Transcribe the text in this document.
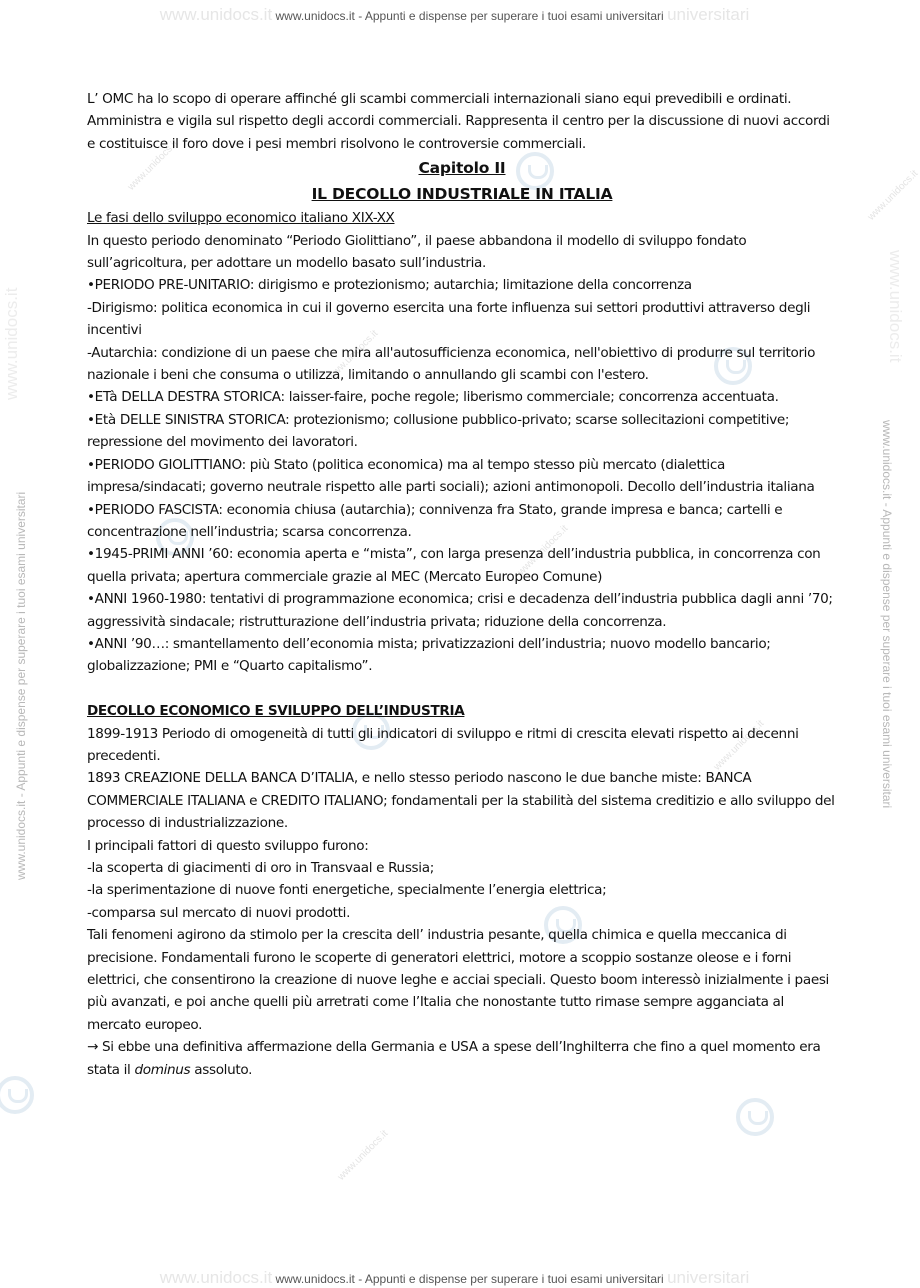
www.unidocs.it www.unidocs.it - Appunti e dispense per superare i tuoi esami universitari universitari
www.unidocs.it - Appunti e dispense per superare i tuoi esami universitari	www.unidocs.it - Appunti e dispense per superare i tuoi esami universitari
www.unidocs.it	www.unidocs.it
www.unidocs.it
www.unidocs.it
www.unidocs.it
www.unidocs.it
www.unidocs.it
www.unidocs.it

L’ OMC ha lo scopo di operare affinché gli scambi commerciali internazionali siano equi prevedibili e ordinati. Amministra e vigila sul rispetto degli accordi commerciali. Rappresenta il centro per la discussione di nuovi accordi e costituisce il foro dove i pesi membri risolvono le controversie commerciali.

Capitolo II
IL DECOLLO INDUSTRIALE IN ITALIA

Le fasi dello sviluppo economico italiano XIX-XX

In questo periodo denominato “Periodo Giolittiano”, il paese abbandona il modello di sviluppo fondato sull’agricoltura, per adottare un modello basato sull’industria.

•PERIODO PRE-UNITARIO: dirigismo e protezionismo; autarchia; limitazione della concorrenza

-Dirigismo: politica economica in cui il governo esercita una forte influenza sui settori produttivi attraverso degli incentivi

-Autarchia: condizione di un paese che mira all'autosufficienza economica, nell'obiettivo di produrre sul territorio nazionale i beni che consuma o utilizza, limitando o annullando gli scambi con l'estero.

•ETà DELLA DESTRA STORICA: laisser-faire, poche regole; liberismo commerciale; concorrenza accentuata.

•Età DELLE SINISTRA STORICA: protezionismo; collusione pubblico-privato; scarse sollecitazioni competitive; repressione del movimento dei lavoratori.

•PERIODO GIOLITTIANO: più Stato (politica economica) ma al tempo stesso più mercato (dialettica impresa/sindacati; governo neutrale rispetto alle parti sociali); azioni antimonopoli. Decollo dell’industria italiana

•PERIODO FASCISTA: economia chiusa (autarchia); connivenza fra Stato, grande impresa e banca; cartelli e concentrazione nell’industria; scarsa concorrenza.

•1945-PRIMI ANNI ’60: economia aperta e “mista”, con larga presenza dell’industria pubblica, in concorrenza con quella privata; apertura commerciale grazie al MEC (Mercato Europeo Comune)

•ANNI 1960-1980: tentativi di programmazione economica; crisi e decadenza dell’industria pubblica dagli anni ’70; aggressività sindacale; ristrutturazione dell’industria privata; riduzione della concorrenza.

•ANNI ’90…: smantellamento dell’economia mista; privatizzazioni dell’industria; nuovo modello bancario; globalizzazione; PMI e “Quarto capitalismo”.

DECOLLO ECONOMICO E SVILUPPO DELL’INDUSTRIA

1899-1913 Periodo di omogeneità di tutti gli indicatori di sviluppo e ritmi di crescita elevati rispetto ai decenni precedenti.

1893 CREAZIONE DELLA BANCA D’ITALIA, e nello stesso periodo nascono le due banche miste: BANCA COMMERCIALE ITALIANA e CREDITO ITALIANO; fondamentali per la stabilità del sistema creditizio e allo sviluppo del processo di industrializzazione.

I principali fattori di questo sviluppo furono:

-la scoperta di giacimenti di oro in Transvaal e Russia;

-la sperimentazione di nuove fonti energetiche, specialmente l’energia elettrica;

-comparsa sul mercato di nuovi prodotti.

Tali fenomeni agirono da stimolo per la crescita dell’ industria pesante, quella chimica e quella meccanica di precisione. Fondamentali furono le scoperte di generatori elettrici, motore a scoppio sostanze oleose e i forni elettrici, che consentirono la creazione di nuove leghe e acciai speciali. Questo boom interessò inizialmente i paesi più avanzati, e poi anche quelli più arretrati come l’Italia che nonostante tutto rimase sempre agganciata al mercato europeo.

→ Si ebbe una definitiva affermazione della Germania e USA a spese dell’Inghilterra che fino a quel momento era stata il dominus assoluto.

www.unidocs.it www.unidocs.it - Appunti e dispense per superare i tuoi esami universitari universitari
